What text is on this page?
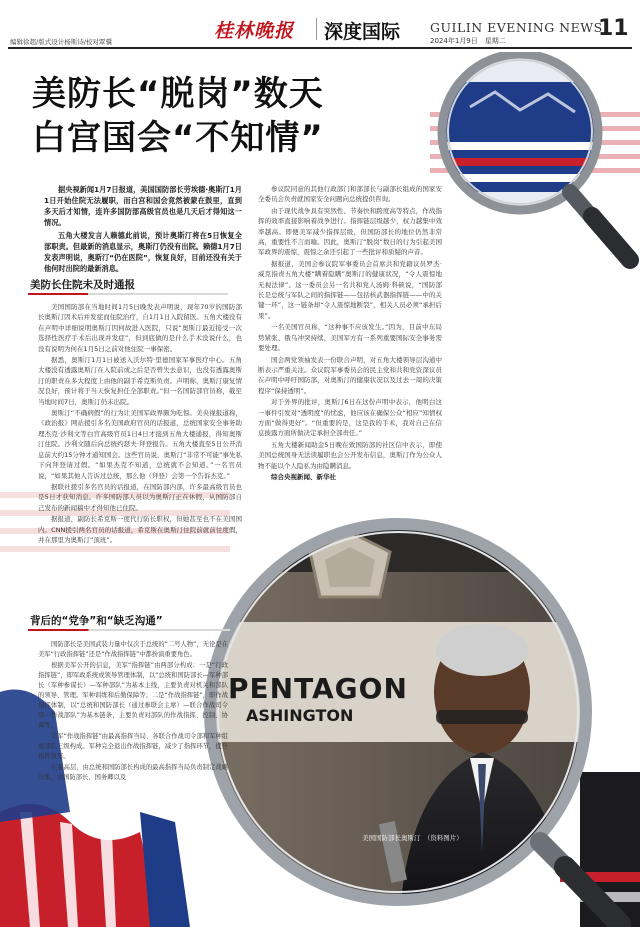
编辑徐超/版式设计杨斯诗/校对覃骥	桂林晚报 深度国际 GUILIN EVENING NEWS
2024年1月9日　星期二	11
PENTAGON
ASHINGTON
美国国防部长奥斯汀　（资料图片）
美防长“脱岗”数天
白宫国会“不知情”

据央视新闻1月7日报道，美国国防部长劳埃德·奥斯汀1月1日开始住院无法履职，而白宫和国会竟然被蒙在鼓里，直到多天后才知情，连许多国防部高级官员也是几天后才得知这一情况。

五角大楼发言人赖德此前说，预计奥斯汀将在5日恢复全部职责。但最新的消息显示，奥斯汀仍没有出院。赖德1月7日发表声明说，奥斯汀“仍在医院”，恢复良好，目前还没有关于他何时出院的最新消息。

美防长住院未及时通报

美国国防部在当地时间1月5日晚发表声明说，现年70岁的国防部长奥斯汀因术后并发症而住院治疗，自1月1日入院留医。五角大楼没有在声明中详细说明奥斯汀因何故进入医院，只说“奥斯汀最近接受一次选择性医疗手术后出现并发症”，但到底做的是什么手术没说什么，也没有说明为何在1月5日之前对他住院一事保密。

据悉，奥斯汀1月1日被送入沃尔特·里德国家军事医疗中心。五角大楼没有透露奥斯汀在入院前或之后是否曾失去意识，也没有透露奥斯汀的职责在多大程度上由他的副手希克斯负责。声明称，奥斯汀康复情况良好，预计将于当天恢复担任全部职责。”但一名国防部官员称，截至当地时间7日，奥斯汀仍未出院。

奥斯汀“不确病假”的行为让美国军政界颇为吃惊。美央视报道称，《政治报》网站援引多名美国政府官员的话报道，总统国家安全事务助理杰克·沙利文等白宫高级官员1日4日才接到五角大楼通报，得知奥斯汀住院。沙利文随后向总统约瑟夫·拜登报告。五角大楼直至5日公开消息前大约15分钟才通知国会。这些官员说，奥斯汀“非常不可能”事先私下向拜登请过假。“如果杰克不知道，总统就不会知道。”一名官员说，“如果其他人告诉过总统，那么他（拜登）会第一个告诉杰克。”

据联社援引多名官员的话报道，在国防部内部，许多最高级官员也是5日才获知消息。许多国防部人员以为奥斯汀正在休假，从国防部自己发布的新闻稿中才得知他已住院。

据报道，副防长希克斯一度代行防长职权，但她甚至也不在美国国内。CNN援引两名官员的话报道，希克斯在奥斯汀住院前就前往度假，并在那里为奥斯汀“顶班”。

背后的“党争”和“缺乏沟通”

国防部长是美国武装力量中仅次于总统的“二号人物”，无论是在美军“行政指挥链”还是“作战指挥链”中都扮演重要角色。

根据美军公开的信息，美军“指挥链”由两部分构成：一是“行政指挥链”，即军政系统或领导管理体制，以“总统和国防部长—军种部长（军种参谋长）—军种部队”为基本主线，主要负责对机关和部队的领导、管理。军种训练和后勤保障等；二是“作战指挥链”，即作战指挥体制，以“总统和国防部长（通过参联会主席）—联合作战司令部—作战部队”为基本链条，主要负责对部队的作战指挥、控制、协调等。

美军“作战指挥链”由最高指挥当局、各联合作战司令部和军种组成部队三级构成。军种完全退出作战指挥链，减少了指挥环节，提升指挥效率。

在最高层，由总统和国防部长构成的最高指挥当局负责制定战略决策。由国防部长、国务卿以及

参议院同意的其他行政部门和部部长与副部长组成的国家安全委员会负责就国家安全问题向总统提供咨询。

由于现代战争具有突然性、节奏快和跨度高等特点，作战指挥的效率直接影响着战争进行。指挥链层级越少，权力越集中效率越高。即便美军减少指挥层级，但国防部长的地位仍然非常高，重要性不言而喻。因此，奥斯汀“脱岗”数日的行为引起美国军政界的震惊，震惊之余还引起了一些批评和质疑的声音。

据报道，美国会参议院军事委员会首席共和党籍议员罗杰·威克指责五角大楼“瞒着隐瞒”奥斯汀的健康状况，“令人震惊地无视法律”。这一委员会另一名共和党人汤姆·科顿说，“国防部长是总统与军队之间的指挥链——包括核武器指挥链——中的关键一环”，这一链条却“令人震惊地断裂”，相关人员必须“承担后果”。

一名美国官员称，“这种事不应该发生。”因为，目前中东局势紧张、俄乌冲突持续，美国军方有一系列重要国际安全事务需要处理。

国会两党领袖发表一份联合声明，对五角大楼领导层沟通中断表示严重关注。众议院军事委员会的民主党和共和党资深议员在声明中呼吁国防部，对奥斯汀的健康状况以及过去一周的决策程序“保持透明”。

对于外界的批评，奥斯汀6日在这份声明中表示，他明白这一事件引发对“透明度”的忧虑，他应该在确保公众“相应”知情权方面“做得更好”。“但重要的是，这是我的手术，我对自己在信息披露方面所做决定承担全部责任。”

五角大楼新闻助金5日晚在致国防部的社区信中表示，即使美国总统国身无法读履职也会公开发布信息，奥斯汀作为公众人物不能以个人隐私为由隐瞒消息。

综合央视新闻、新华社
